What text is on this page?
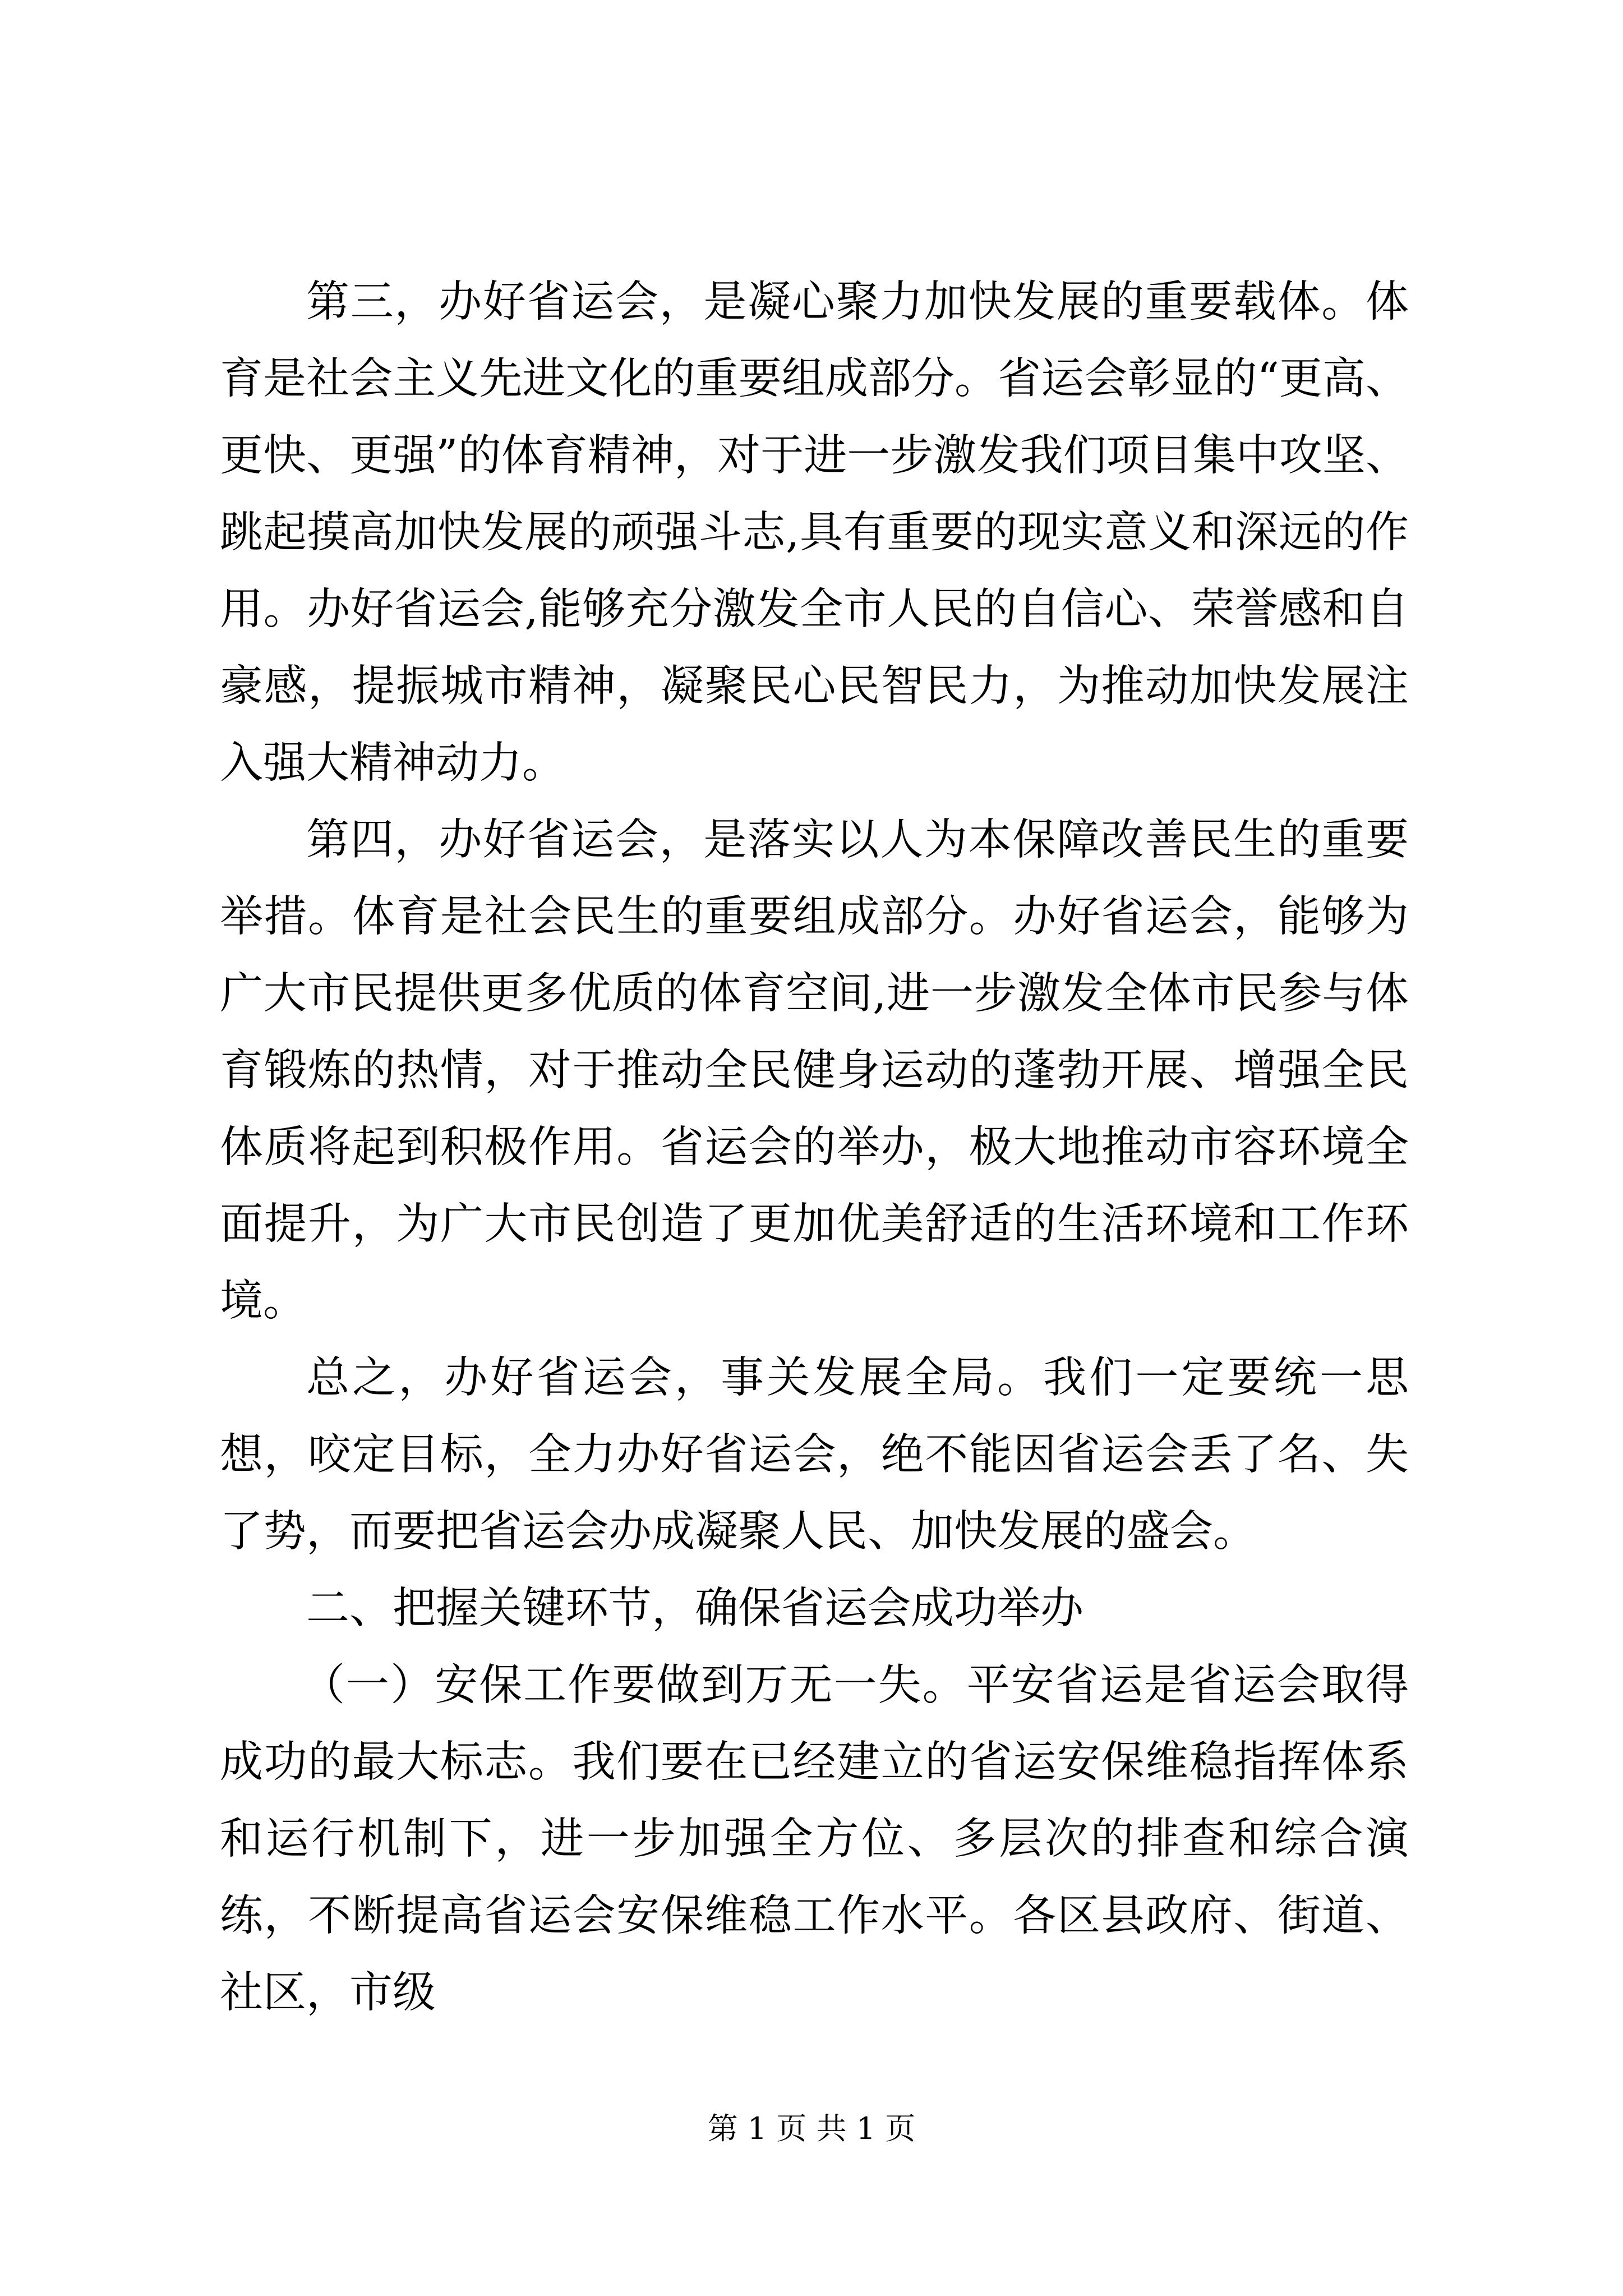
第三，办好省运会，是凝心聚力加快发展的重要载体。体育是社会主义先进文化的重要组成部分。省运会彰显的“更高、更快、更强”的体育精神，对于进一步激发我们项目集中攻坚、跳起摸高加快发展的顽强斗志,具有重要的现实意义和深远的作用。办好省运会,能够充分激发全市人民的自信心、荣誉感和自豪感，提振城市精神，凝聚民心民智民力，为推动加快发展注入强大精神动力。

第四，办好省运会，是落实以人为本保障改善民生的重要举措。体育是社会民生的重要组成部分。办好省运会，能够为广大市民提供更多优质的体育空间,进一步激发全体市民参与体育锻炼的热情，对于推动全民健身运动的蓬勃开展、增强全民体质将起到积极作用。省运会的举办，极大地推动市容环境全面提升，为广大市民创造了更加优美舒适的生活环境和工作环境。

总之，办好省运会，事关发展全局。我们一定要统一思想，咬定目标，全力办好省运会，绝不能因省运会丢了名、失了势，而要把省运会办成凝聚人民、加快发展的盛会。

二、把握关键环节，确保省运会成功举办

（一）安保工作要做到万无一失。平安省运是省运会取得成功的最大标志。我们要在已经建立的省运安保维稳指挥体系和运行机制下，进一步加强全方位、多层次的排查和综合演练，不断提高省运会安保维稳工作水平。各区县政府、街道、社区，市级

第 1 页 共 1 页
